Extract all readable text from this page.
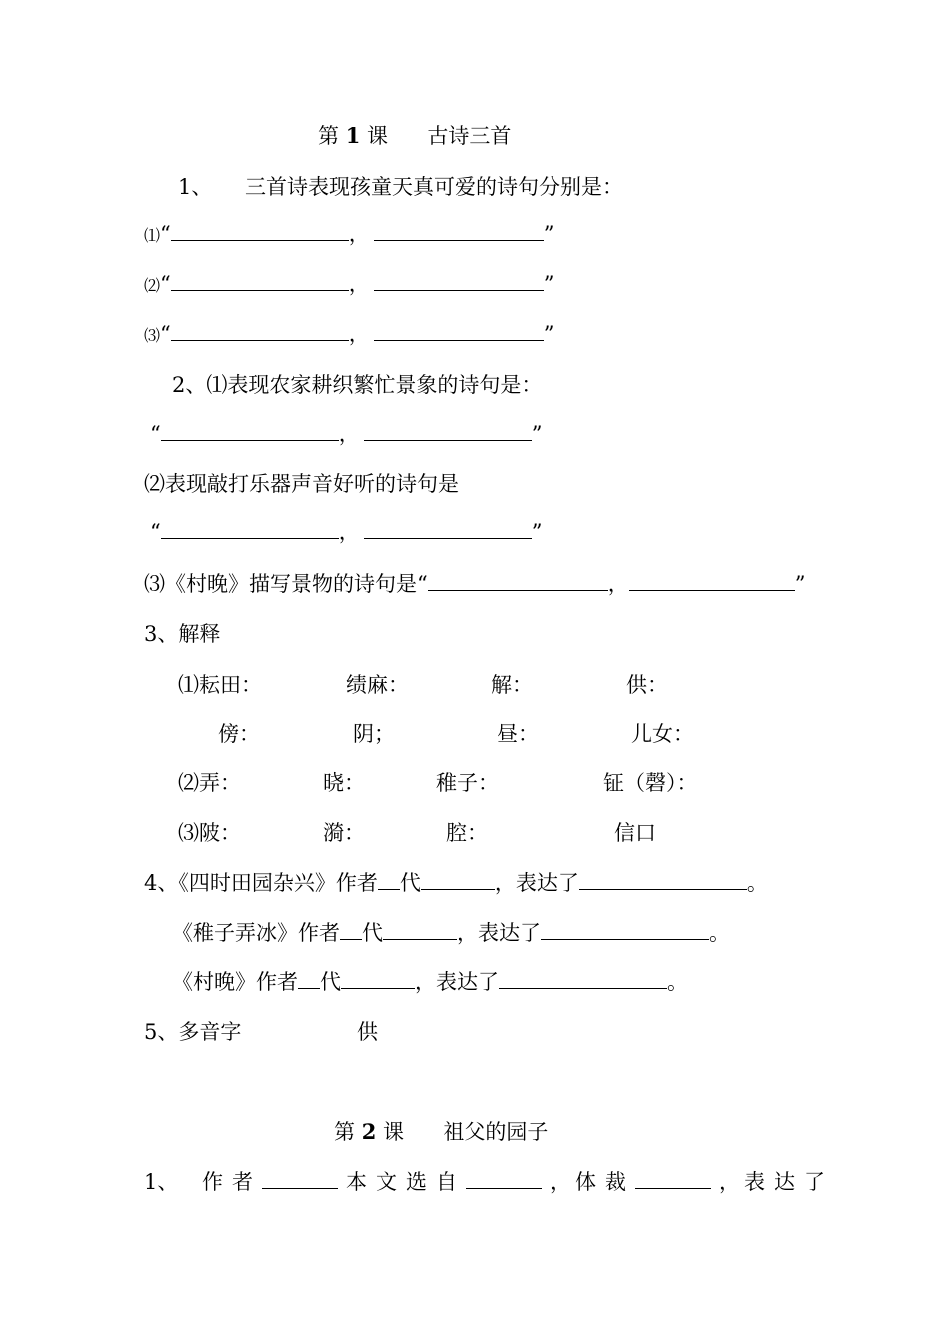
第 1 课 古诗三首
1、 三首诗表现孩童天真可爱的诗句分别是：
⑴“	，	”
⑵“	，	”
⑶“	，	”
2、⑴表现农家耕织繁忙景象的诗句是：
“	，	”
⑵表现敲打乐器声音好听的诗句是
“	，	”
⑶《村晚》描写景物的诗句是“	，	”
3、解释
⑴耘田：	绩麻：	解：	供：
傍：	阴；	昼：	儿女：
⑵弄：	晓：	稚子：	钲（磬）：
⑶陂：	漪：	腔：	信口
4、《四时田园杂兴》作者 代	，表达了	。
《稚子弄冰》作者 代	，表达了	。
《村晚》作者 代	，表达了	。
5、多音字	供
第 2 课 祖父的园子
1、 作者	本文选自	， 体裁	， 表达了
